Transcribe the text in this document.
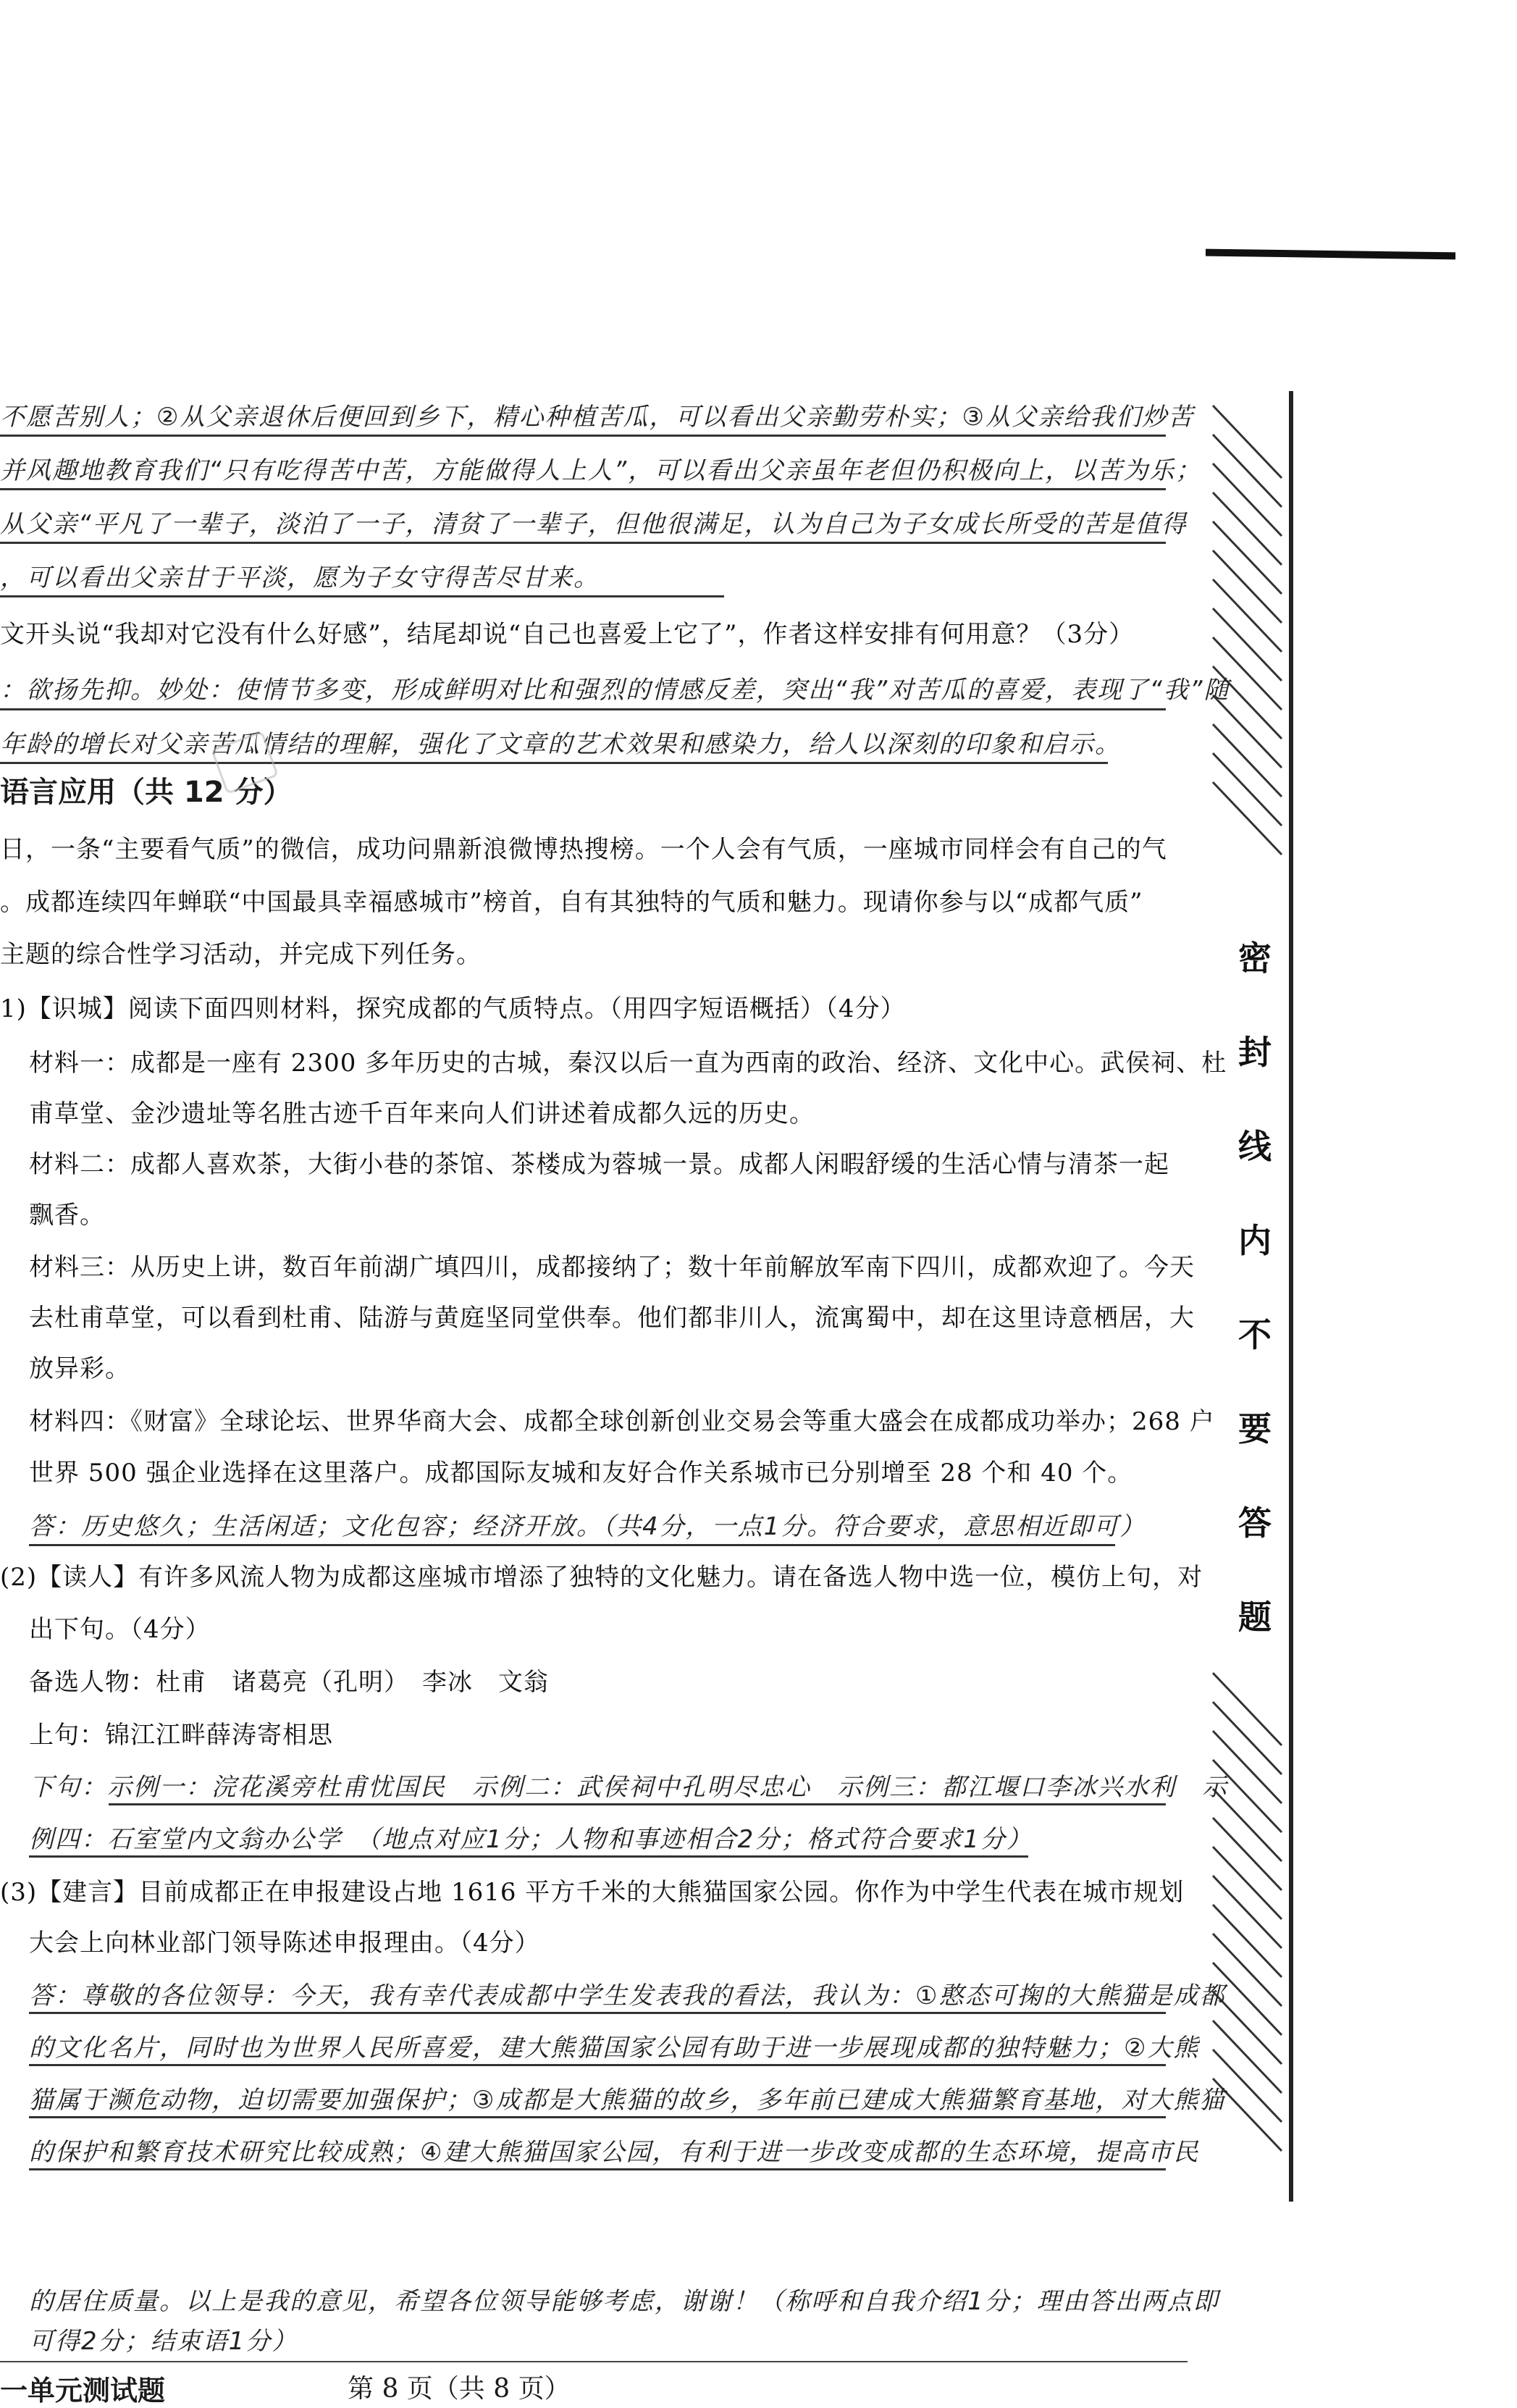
密
封
线
内
不
要
答
题
不愿苦别人；②从父亲退休后便回到乡下，精心种植苦瓜，可以看出父亲勤劳朴实；③从父亲给我们炒苦
并风趣地教育我们“只有吃得苦中苦，方能做得人上人”，可以看出父亲虽年老但仍积极向上，以苦为乐；
从父亲“平凡了一辈子，淡泊了一子，清贫了一辈子，但他很满足，认为自己为子女成长所受的苦是值得
，可以看出父亲甘于平淡，愿为子女守得苦尽甘来。
文开头说“我却对它没有什么好感”，结尾却说“自己也喜爱上它了”，作者这样安排有何用意？（3分）
：欲扬先抑。妙处：使情节多变，形成鲜明对比和强烈的情感反差，突出“我”对苦瓜的喜爱，表现了“我”随
年龄的增长对父亲苦瓜情结的理解，强化了文章的艺术效果和感染力，给人以深刻的印象和启示。
语言应用（共 12 分）
日，一条“主要看气质”的微信，成功问鼎新浪微博热搜榜。一个人会有气质，一座城市同样会有自己的气
。成都连续四年蝉联“中国最具幸福感城市”榜首，自有其独特的气质和魅力。现请你参与以“成都气质”
主题的综合性学习活动，并完成下列任务。
1)【识城】阅读下面四则材料，探究成都的气质特点。（用四字短语概括）（4分）
材料一：成都是一座有 2300 多年历史的古城，秦汉以后一直为西南的政治、经济、文化中心。武侯祠、杜
甫草堂、金沙遗址等名胜古迹千百年来向人们讲述着成都久远的历史。
材料二：成都人喜欢茶，大街小巷的茶馆、茶楼成为蓉城一景。成都人闲暇舒缓的生活心情与清茶一起
飘香。
材料三：从历史上讲，数百年前湖广填四川，成都接纳了；数十年前解放军南下四川，成都欢迎了。今天
去杜甫草堂，可以看到杜甫、陆游与黄庭坚同堂供奉。他们都非川人，流寓蜀中，却在这里诗意栖居，大
放异彩。
材料四：《财富》全球论坛、世界华商大会、成都全球创新创业交易会等重大盛会在成都成功举办；268 户
世界 500 强企业选择在这里落户。成都国际友城和友好合作关系城市已分别增至 28 个和 40 个。
答：历史悠久；生活闲适；文化包容；经济开放。（共4分，一点1分。符合要求，意思相近即可）
(2)【读人】有许多风流人物为成都这座城市增添了独特的文化魅力。请在备选人物中选一位，模仿上句，对
出下句。（4分）
备选人物：杜甫　诸葛亮（孔明）　李冰　文翁
上句：锦江江畔薛涛寄相思
下句：示例一：浣花溪旁杜甫忧国民　示例二：武侯祠中孔明尽忠心　示例三：都江堰口李冰兴水利　示
例四：石室堂内文翁办公学　（地点对应1分；人物和事迹相合2分；格式符合要求1分）
(3)【建言】目前成都正在申报建设占地 1616 平方千米的大熊猫国家公园。你作为中学生代表在城市规划
大会上向林业部门领导陈述申报理由。（4分）
答：尊敬的各位领导：今天，我有幸代表成都中学生发表我的看法，我认为：①憨态可掬的大熊猫是成都
的文化名片，同时也为世界人民所喜爱，建大熊猫国家公园有助于进一步展现成都的独特魅力；②大熊
猫属于濒危动物，迫切需要加强保护；③成都是大熊猫的故乡，多年前已建成大熊猫繁育基地，对大熊猫
的保护和繁育技术研究比较成熟；④建大熊猫国家公园，有利于进一步改变成都的生态环境，提高市民
的居住质量。以上是我的意见，希望各位领导能够考虑，谢谢！（称呼和自我介绍1分；理由答出两点即
可得2分；结束语1分）
一单元测试题	第 8 页（共 8 页）
